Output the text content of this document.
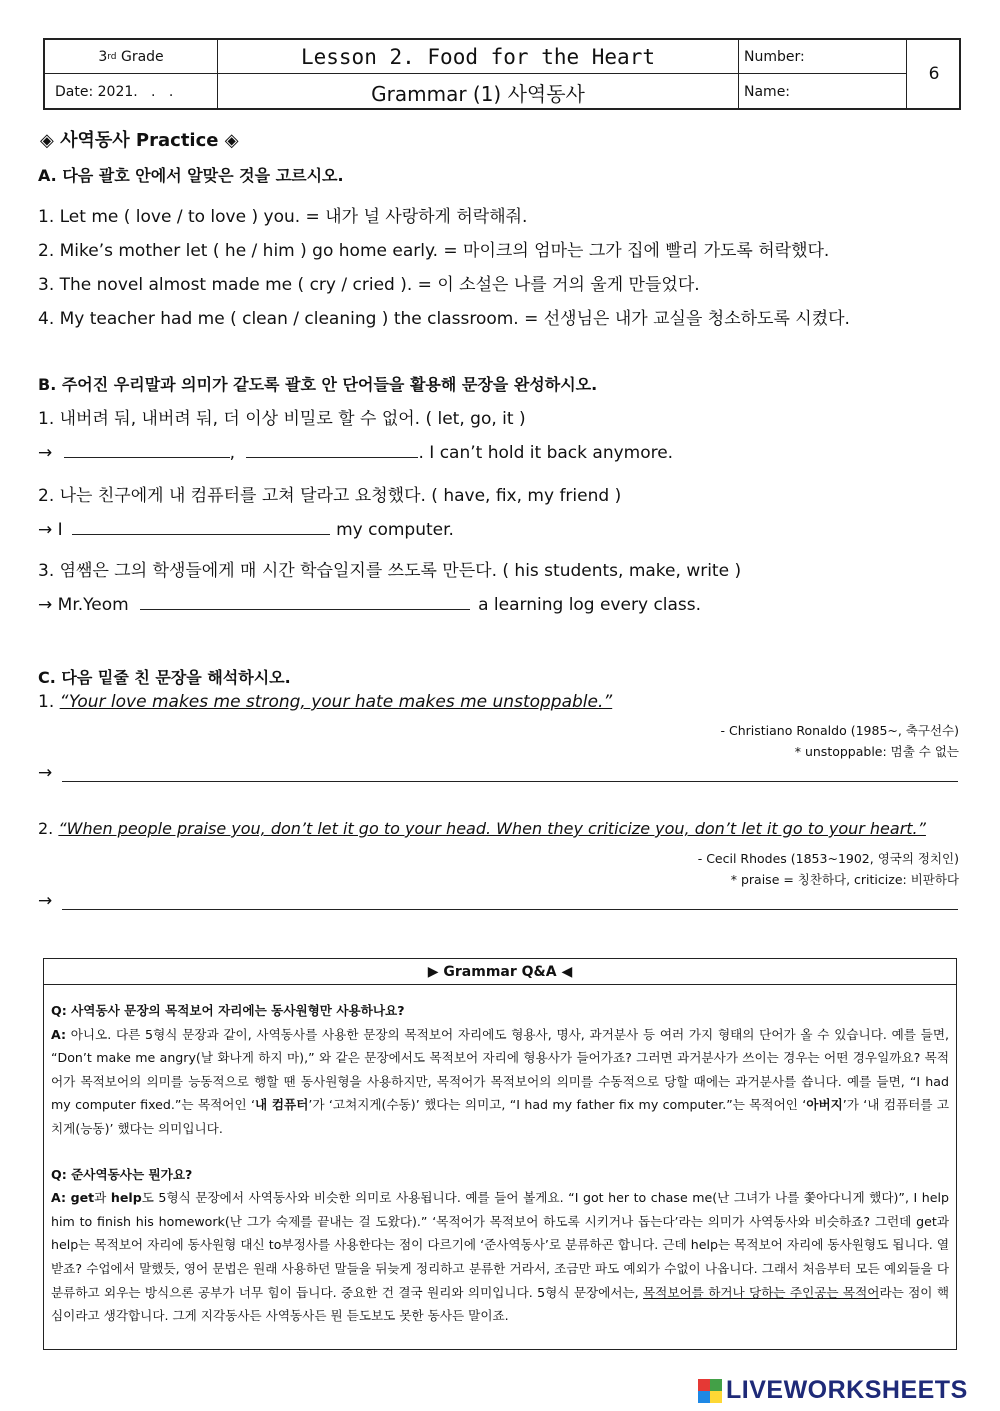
3 rd
Grade	Lesson 2. Food for the Heart	Number:
Date: 2021.   .   .	Grammar (1) 사역동사	Name:
6
◈ 사역동사 Practice ◈
A. 다음 괄호 안에서 알맞은 것을 고르시오.
1. Let me ( love / to love ) you. = 내가 널 사랑하게 허락해줘.
2. Mike’s mother let ( he / him ) go home early. = 마이크의 엄마는 그가 집에 빨리 가도록 허락했다.
3. The novel almost made me ( cry / cried ). = 이 소설은 나를 거의 울게 만들었다.
4. My teacher had me ( clean / cleaning ) the classroom. = 선생님은 내가 교실을 청소하도록 시켰다.
B. 주어진 우리말과 의미가 같도록 괄호 안 단어들을 활용해 문장을 완성하시오.
1. 내버려 둬, 내버려 둬, 더 이상 비밀로 할 수 없어. ( let, go, it )
→	,	. I can’t hold it back anymore.
2. 나는 친구에게 내 컴퓨터를 고쳐 달라고 요청했다. ( have, fix, my friend )
→ I	my computer.
3. 염쌤은 그의 학생들에게 매 시간 학습일지를 쓰도록 만든다. ( his students, make, write )
→ Mr.Yeom	a learning log every class.
C. 다음 밑줄 친 문장을 해석하시오.
1. “Your love makes me strong, your hate makes me unstoppable.”
- Christiano Ronaldo (1985~, 축구선수)
* unstoppable: 멈출 수 없는
→
2. “When people praise you, don’t let it go to your head. When they criticize you, don’t let it go to your heart.”
- Cecil Rhodes (1853~1902, 영국의 정치인)
* praise = 칭찬하다, criticize: 비판하다
→
▶ Grammar Q&A ◀

Q: 사역동사 문장의 목적보어 자리에는 동사원형만 사용하나요?

A: 아니오. 다른 5형식 문장과 같이, 사역동사를 사용한 문장의 목적보어 자리에도 형용사, 명사, 과거분사 등 여러 가지 형태의 단어가 올 수 있습니다. 예를 들면, “Don’t make me angry(날 화나게 하지 마),” 와 같은 문장에서도 목적보어 자리에 형용사가 들어가죠? 그러면 과거분사가 쓰이는 경우는 어떤 경우일까요? 목적어가 목적보어의 의미를 능동적으로 행할 땐 동사원형을 사용하지만, 목적어가 목적보어의 의미를 수동적으로 당할 때에는 과거분사를 씁니다. 예를 들면, “I had my computer fixed.”는 목적어인 ‘내 컴퓨터’가 ‘고쳐지게(수동)’ 했다는 의미고, “I had my father fix my computer.”는 목적어인 ‘아버지’가 ‘내 컴퓨터를 고치게(능동)’ 했다는 의미입니다.

Q: 준사역동사는 뭔가요?

A: get과 help도 5형식 문장에서 사역동사와 비슷한 의미로 사용됩니다. 예를 들어 볼게요. “I got her to chase me(난 그녀가 나를 쫓아다니게 했다)”, I help him to finish his homework(난 그가 숙제를 끝내는 걸 도왔다).” ‘목적어가 목적보어 하도록 시키거나 돕는다’라는 의미가 사역동사와 비슷하죠? 그런데 get과 help는 목적보어 자리에 동사원형 대신 to부정사를 사용한다는 점이 다르기에 ‘준사역동사’로 분류하곤 합니다. 근데 help는 목적보어 자리에 동사원형도 됩니다. 열받죠? 수업에서 말했듯, 영어 문법은 원래 사용하던 말들을 뒤늦게 정리하고 분류한 거라서, 조금만 파도 예외가 수없이 나옵니다. 그래서 처음부터 모든 예외들을 다 분류하고 외우는 방식으론 공부가 너무 힘이 듭니다. 중요한 건 결국 원리와 의미입니다. 5형식 문장에서는, 목적보어를 하거나 당하는 주인공는 목적어라는 점이 핵심이라고 생각합니다. 그게 지각동사든 사역동사든 뭔 듣도보도 못한 동사든 말이죠.

LIVEWORKSHEETS
